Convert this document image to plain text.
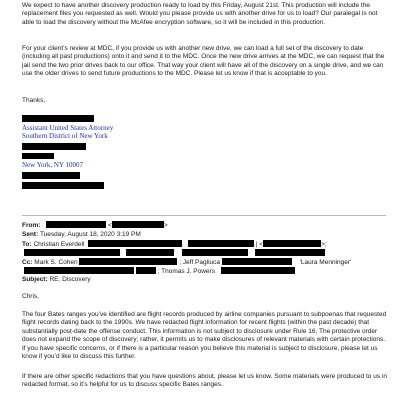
We expect to have another discovery production ready to load by this Friday, August 21st. This production will include the replacement files you requested as well. Would you please provide us with another drive for us to load? Our paralegal is not able to load the discovery without the McAfee encryption software, so it will be included in this production.

For your client’s review at MDC, if you provide us with another new drive, we can load a full set of the discovery to date (including all past productions) onto it and send it to the MDC. Once the new drive arrives at the MDC, we can request that the jail send the two prior drives back to our office. That way your client will have all of the discovery on a single drive, and we can use the older drives to send future productions to the MDC. Please let us know if that is acceptable to you.

Thanks,
Assistant United States Attorney
Southern District of New York
New York, NY 10007
From:	<	>
Sent: Tuesday, August 18, 2020 3:19 PM
To: Christian Everdell	| <	>;

Cc: Mark S. Cohen	; Jeff Pagliuca	'Laura Menninger'
; Thomas J. Powers
Subject: RE: Discovery
Chris,

The four Bates ranges you’ve identified are flight records produced by airline companies pursuant to subpoenas that requested flight records dating back to the 1990s. We have redacted flight information for recent flights (within the past decade) that substantially post-date the offense conduct. This information is not subject to disclosure under Rule 16. The protective order does not expand the scope of discovery; rather, it permits us to make disclosures of relevant materials with certain protections. If you have specific concerns, or if there is a particular reason you believe this material is subject to disclosure, please let us know if you’d like to discuss this further.

If there are other specific redactions that you have questions about, please let us know. Some materials were produced to us in redacted format, so it’s helpful for us to discuss specific Bates ranges.
